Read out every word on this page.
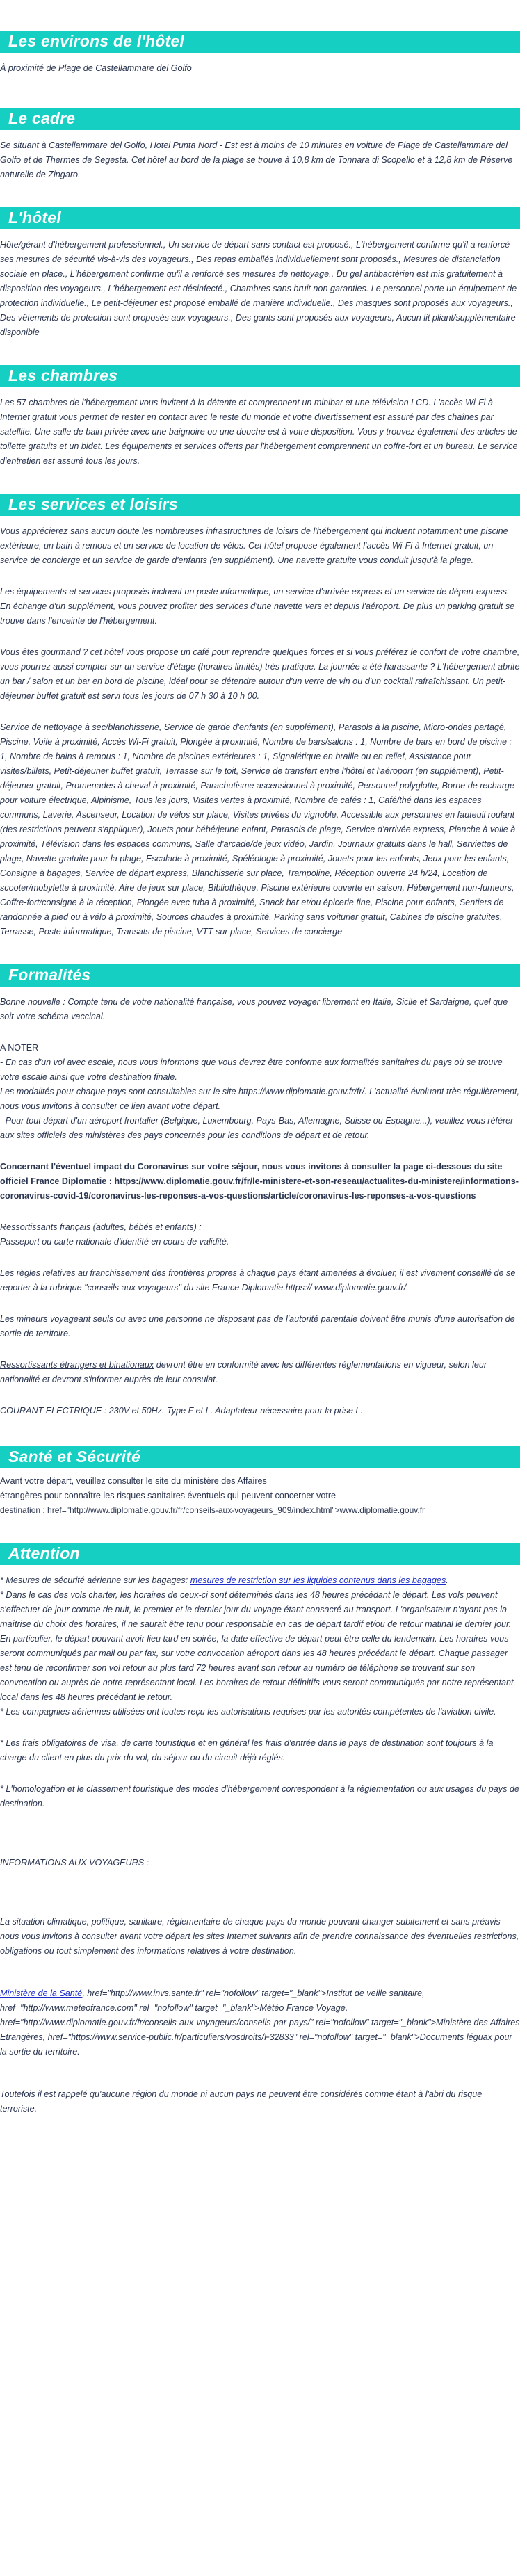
Les environs de l'hôtel

À proximité de Plage de Castellammare del Golfo

Le cadre

Se situant à Castellammare del Golfo, Hotel Punta Nord - Est est à moins de 10 minutes en voiture de Plage de Castellammare del Golfo et de Thermes de Segesta. Cet hôtel au bord de la plage se trouve à 10,8 km de Tonnara di Scopello et à 12,8 km de Réserve naturelle de Zingaro.

L'hôtel

Hôte/gérant d'hébergement professionnel., Un service de départ sans contact est proposé., L'hébergement confirme qu'il a renforcé ses mesures de sécurité vis-à-vis des voyageurs., Des repas emballés individuellement sont proposés., Mesures de distanciation sociale en place., L'hébergement confirme qu'il a renforcé ses mesures de nettoyage., Du gel antibactérien est mis gratuitement à disposition des voyageurs., L'hébergement est désinfecté., Chambres sans bruit non garanties. Le personnel porte un équipement de protection individuelle., Le petit-déjeuner est proposé emballé de manière individuelle., Des masques sont proposés aux voyageurs., Des vêtements de protection sont proposés aux voyageurs., Des gants sont proposés aux voyageurs, Aucun lit pliant/supplémentaire disponible

Les chambres

Les 57 chambres de l'hébergement vous invitent à la détente et comprennent un minibar et une télévision LCD. L'accès Wi-Fi à Internet gratuit vous permet de rester en contact avec le reste du monde et votre divertissement est assuré par des chaînes par satellite. Une salle de bain privée avec une baignoire ou une douche est à votre disposition. Vous y trouvez également des articles de toilette gratuits et un bidet. Les équipements et services offerts par l'hébergement comprennent un coffre-fort et un bureau. Le service d'entretien est assuré tous les jours.

Les services et loisirs

Vous apprécierez sans aucun doute les nombreuses infrastructures de loisirs de l'hébergement qui incluent notamment une piscine extérieure, un bain à remous et un service de location de vélos. Cet hôtel propose également l'accès Wi-Fi à Internet gratuit, un service de concierge et un service de garde d'enfants (en supplément). Une navette gratuite vous conduit jusqu'à la plage.

Les équipements et services proposés incluent un poste informatique, un service d'arrivée express et un service de départ express. En échange d'un supplément, vous pouvez profiter des services d'une navette vers et depuis l'aéroport. De plus un parking gratuit se trouve dans l'enceinte de l'hébergement.

Vous êtes gourmand ? cet hôtel vous propose un café pour reprendre quelques forces et si vous préférez le confort de votre chambre, vous pourrez aussi compter sur un service d'étage (horaires limités) très pratique. La journée a été harassante ? L'hébergement abrite un bar / salon et un bar en bord de piscine, idéal pour se détendre autour d'un verre de vin ou d'un cocktail rafraîchissant. Un petit-déjeuner buffet gratuit est servi tous les jours de 07 h 30 à 10 h 00.

Service de nettoyage à sec/blanchisserie, Service de garde d'enfants (en supplément), Parasols à la piscine, Micro-ondes partagé, Piscine, Voile à proximité, Accès Wi-Fi gratuit, Plongée à proximité, Nombre de bars/salons : 1, Nombre de bars en bord de piscine : 1, Nombre de bains à remous : 1, Nombre de piscines extérieures : 1, Signalétique en braille ou en relief, Assistance pour visites/billets, Petit-déjeuner buffet gratuit, Terrasse sur le toit, Service de transfert entre l'hôtel et l'aéroport (en supplément), Petit-déjeuner gratuit, Promenades à cheval à proximité, Parachutisme ascensionnel à proximité, Personnel polyglotte, Borne de recharge pour voiture électrique, Alpinisme, Tous les jours, Visites vertes à proximité, Nombre de cafés : 1, Café/thé dans les espaces communs, Laverie, Ascenseur, Location de vélos sur place, Visites privées du vignoble, Accessible aux personnes en fauteuil roulant (des restrictions peuvent s'appliquer), Jouets pour bébé/jeune enfant, Parasols de plage, Service d'arrivée express, Planche à voile à proximité, Télévision dans les espaces communs, Salle d'arcade/de jeux vidéo, Jardin, Journaux gratuits dans le hall, Serviettes de plage, Navette gratuite pour la plage, Escalade à proximité, Spéléologie à proximité, Jouets pour les enfants, Jeux pour les enfants, Consigne à bagages, Service de départ express, Blanchisserie sur place, Trampoline, Réception ouverte 24 h/24, Location de scooter/mobylette à proximité, Aire de jeux sur place, Bibliothèque, Piscine extérieure ouverte en saison, Hébergement non-fumeurs, Coffre-fort/consigne à la réception, Plongée avec tuba à proximité, Snack bar et/ou épicerie fine, Piscine pour enfants, Sentiers de randonnée à pied ou à vélo à proximité, Sources chaudes à proximité, Parking sans voiturier gratuit, Cabines de piscine gratuites, Terrasse, Poste informatique, Transats de piscine, VTT sur place, Services de concierge

Formalités

Bonne nouvelle : Compte tenu de votre nationalité française, vous pouvez voyager librement en Italie, Sicile et Sardaigne, quel que soit votre schéma vaccinal.

A NOTER

- En cas d'un vol avec escale, nous vous informons que vous devrez être conforme aux formalités sanitaires du pays où se trouve votre escale ainsi que votre destination finale.

Les modalités pour chaque pays sont consultables sur le site https://www.diplomatie.gouv.fr/fr/. L'actualité évoluant très régulièrement, nous vous invitons à consulter ce lien avant votre départ.

- Pour tout départ d'un aéroport frontalier (Belgique, Luxembourg, Pays-Bas, Allemagne, Suisse ou Espagne...), veuillez vous référer aux sites officiels des ministères des pays concernés pour les conditions de départ et de retour.

Concernant l'éventuel impact du Coronavirus sur votre séjour, nous vous invitons à consulter la page ci-dessous du site officiel France Diplomatie : https://www.diplomatie.gouv.fr/fr/le-ministere-et-son-reseau/actualites-du-ministere/informations-coronavirus-covid-19/coronavirus-les-reponses-a-vos-questions/article/coronavirus-les-reponses-a-vos-questions

Ressortissants français (adultes, bébés et enfants) :

Passeport ou carte nationale d'identité en cours de validité.

Les règles relatives au franchissement des frontières propres à chaque pays étant amenées à évoluer, il est vivement conseillé de se reporter à la rubrique "conseils aux voyageurs" du site France Diplomatie.https:// www.diplomatie.gouv.fr/.

Les mineurs voyageant seuls ou avec une personne ne disposant pas de l'autorité parentale doivent être munis d'une autorisation de sortie de territoire.

Ressortissants étrangers et binationaux devront être en conformité avec les différentes réglementations en vigueur, selon leur nationalité et devront s'informer auprès de leur consulat.

COURANT ELECTRIQUE : 230V et 50Hz. Type F et L. Adaptateur nécessaire pour la prise L.

Santé et Sécurité

Avant votre départ, veuillez consulter le site du ministère des Affaires

étrangères pour connaître les risques sanitaires éventuels qui peuvent concerner votre

destination : href="http://www.diplomatie.gouv.fr/fr/conseils-aux-voyageurs_909/index.html">www.diplomatie.gouv.fr

Attention

* Mesures de sécurité aérienne sur les bagages: mesures de restriction sur les liquides contenus dans les bagages.

* Dans le cas des vols charter, les horaires de ceux-ci sont déterminés dans les 48 heures précédant le départ. Les vols peuvent s'effectuer de jour comme de nuit, le premier et le dernier jour du voyage étant consacré au transport. L'organisateur n'ayant pas la maîtrise du choix des horaires, il ne saurait être tenu pour responsable en cas de départ tardif et/ou de retour matinal le dernier jour. En particulier, le départ pouvant avoir lieu tard en soirée, la date effective de départ peut être celle du lendemain. Les horaires vous seront communiqués par mail ou par fax, sur votre convocation aéroport dans les 48 heures précédant le départ. Chaque passager est tenu de reconfirmer son vol retour au plus tard 72 heures avant son retour au numéro de téléphone se trouvant sur son convocation ou auprès de notre représentant local. Les horaires de retour définitifs vous seront communiqués par notre représentant local dans les 48 heures précédant le retour.

* Les compagnies aériennes utilisées ont toutes reçu les autorisations requises par les autorités compétentes de l'aviation civile.

* Les frais obligatoires de visa, de carte touristique et en général les frais d'entrée dans le pays de destination sont toujours à la charge du client en plus du prix du vol, du séjour ou du circuit déjà réglés.

* L'homologation et le classement touristique des modes d'hébergement correspondent à la réglementation ou aux usages du pays de destination.

INFORMATIONS AUX VOYAGEURS :

La situation climatique, politique, sanitaire, réglementaire de chaque pays du monde pouvant changer subitement et sans préavis

nous vous invitons à consulter avant votre départ les sites Internet suivants afin de prendre connaissance des éventuelles restrictions, obligations ou tout simplement des informations relatives à votre destination.

Ministère de la Santé, href="http://www.invs.sante.fr" rel="nofollow" target="_blank">Institut de veille sanitaire, href="http://www.meteofrance.com" rel="nofollow" target="_blank">Météo France Voyage, href="http://www.diplomatie.gouv.fr/fr/conseils-aux-voyageurs/conseils-par-pays/" rel="nofollow" target="_blank">Ministère des Affaires Etrangères, href="https://www.service-public.fr/particuliers/vosdroits/F32833" rel="nofollow" target="_blank">Documents léguax pour la sortie du territoire.

Toutefois il est rappelé qu'aucune région du monde ni aucun pays ne peuvent être considérés comme étant à l'abri du risque terroriste.
